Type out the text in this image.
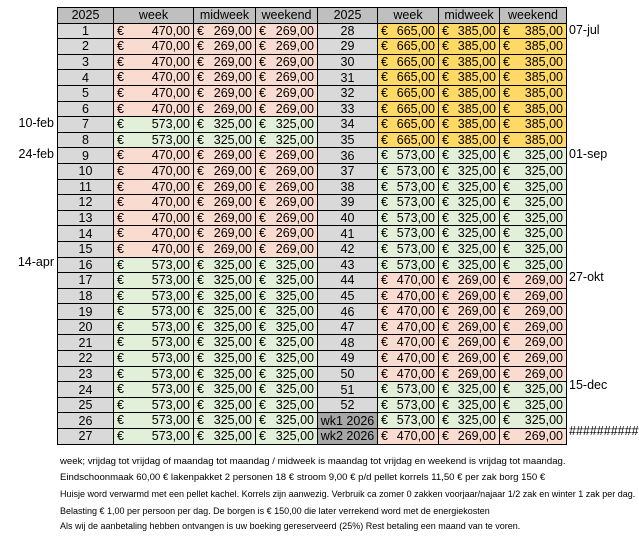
2025	week	midweek	weekend	2025	week	midweek	weekend
1	€ 470,00	€ 269,00	€ 269,00	28	€ 665,00	€ 385,00	€ 385,00

2	€ 470,00	€ 269,00	€ 269,00	29	€ 665,00	€ 385,00	€ 385,00

3	€ 470,00	€ 269,00	€ 269,00	30	€ 665,00	€ 385,00	€ 385,00

4	€ 470,00	€ 269,00	€ 269,00	31	€ 665,00	€ 385,00	€ 385,00

5	€ 470,00	€ 269,00	€ 269,00	32	€ 665,00	€ 385,00	€ 385,00

6	€ 470,00	€ 269,00	€ 269,00	33	€ 665,00	€ 385,00	€ 385,00

7	€ 573,00	€ 325,00	€ 325,00	34	€ 665,00	€ 385,00	€ 385,00

8	€ 573,00	€ 325,00	€ 325,00	35	€ 665,00	€ 385,00	€ 385,00

9	€ 470,00	€ 269,00	€ 269,00	36	€ 573,00	€ 325,00	€ 325,00

10	€ 470,00	€ 269,00	€ 269,00	37	€ 573,00	€ 325,00	€ 325,00

11	€ 470,00	€ 269,00	€ 269,00	38	€ 573,00	€ 325,00	€ 325,00

12	€ 470,00	€ 269,00	€ 269,00	39	€ 573,00	€ 325,00	€ 325,00

13	€ 470,00	€ 269,00	€ 269,00	40	€ 573,00	€ 325,00	€ 325,00

14	€ 470,00	€ 269,00	€ 269,00	41	€ 573,00	€ 325,00	€ 325,00

15	€ 470,00	€ 269,00	€ 269,00	42	€ 573,00	€ 325,00	€ 325,00

16	€ 573,00	€ 325,00	€ 325,00	43	€ 573,00	€ 325,00	€ 325,00

17	€ 573,00	€ 325,00	€ 325,00	44	€ 470,00	€ 269,00	€ 269,00

18	€ 573,00	€ 325,00	€ 325,00	45	€ 470,00	€ 269,00	€ 269,00

19	€ 573,00	€ 325,00	€ 325,00	46	€ 470,00	€ 269,00	€ 269,00

20	€ 573,00	€ 325,00	€ 325,00	47	€ 470,00	€ 269,00	€ 269,00

21	€ 573,00	€ 325,00	€ 325,00	48	€ 470,00	€ 269,00	€ 269,00

22	€ 573,00	€ 325,00	€ 325,00	49	€ 470,00	€ 269,00	€ 269,00

23	€ 573,00	€ 325,00	€ 325,00	50	€ 470,00	€ 269,00	€ 269,00

24	€ 573,00	€ 325,00	€ 325,00	51	€ 573,00	€ 325,00	€ 325,00

25	€ 573,00	€ 325,00	€ 325,00	52	€ 573,00	€ 325,00	€ 325,00

26	€ 573,00	€ 325,00	€ 325,00	wk1 2026	€ 573,00	€ 325,00	€ 325,00

27	€ 573,00	€ 325,00	€ 325,00	wk2 2026	€ 470,00	€ 269,00	€ 269,00
10-feb
24-feb
14-apr
07-jul
01-sep
27-okt
15-dec
##########
week; vrijdag tot vrijdag of maandag tot maandag / midweek is maandag tot vrijdag en weekend is vrijdag tot maandag.
Eindschoonmaak 60,00 € lakenpakket 2 personen 18 € stroom 9,00 € p/d pellet korrels 11,50 € per zak borg 150 €
Huisje word verwarmd met een pellet kachel. Korrels zijn aanwezig. Verbruik ca zomer 0 zakken voorjaar/najaar 1/2 zak en winter 1 zak per dag.
Belasting € 1,00 per persoon per dag. De borgen is € 150,00 die later verrekend word met de energiekosten
Als wij de aanbetaling hebben ontvangen is uw boeking gereserveerd (25%) Rest betaling een maand van te voren.
